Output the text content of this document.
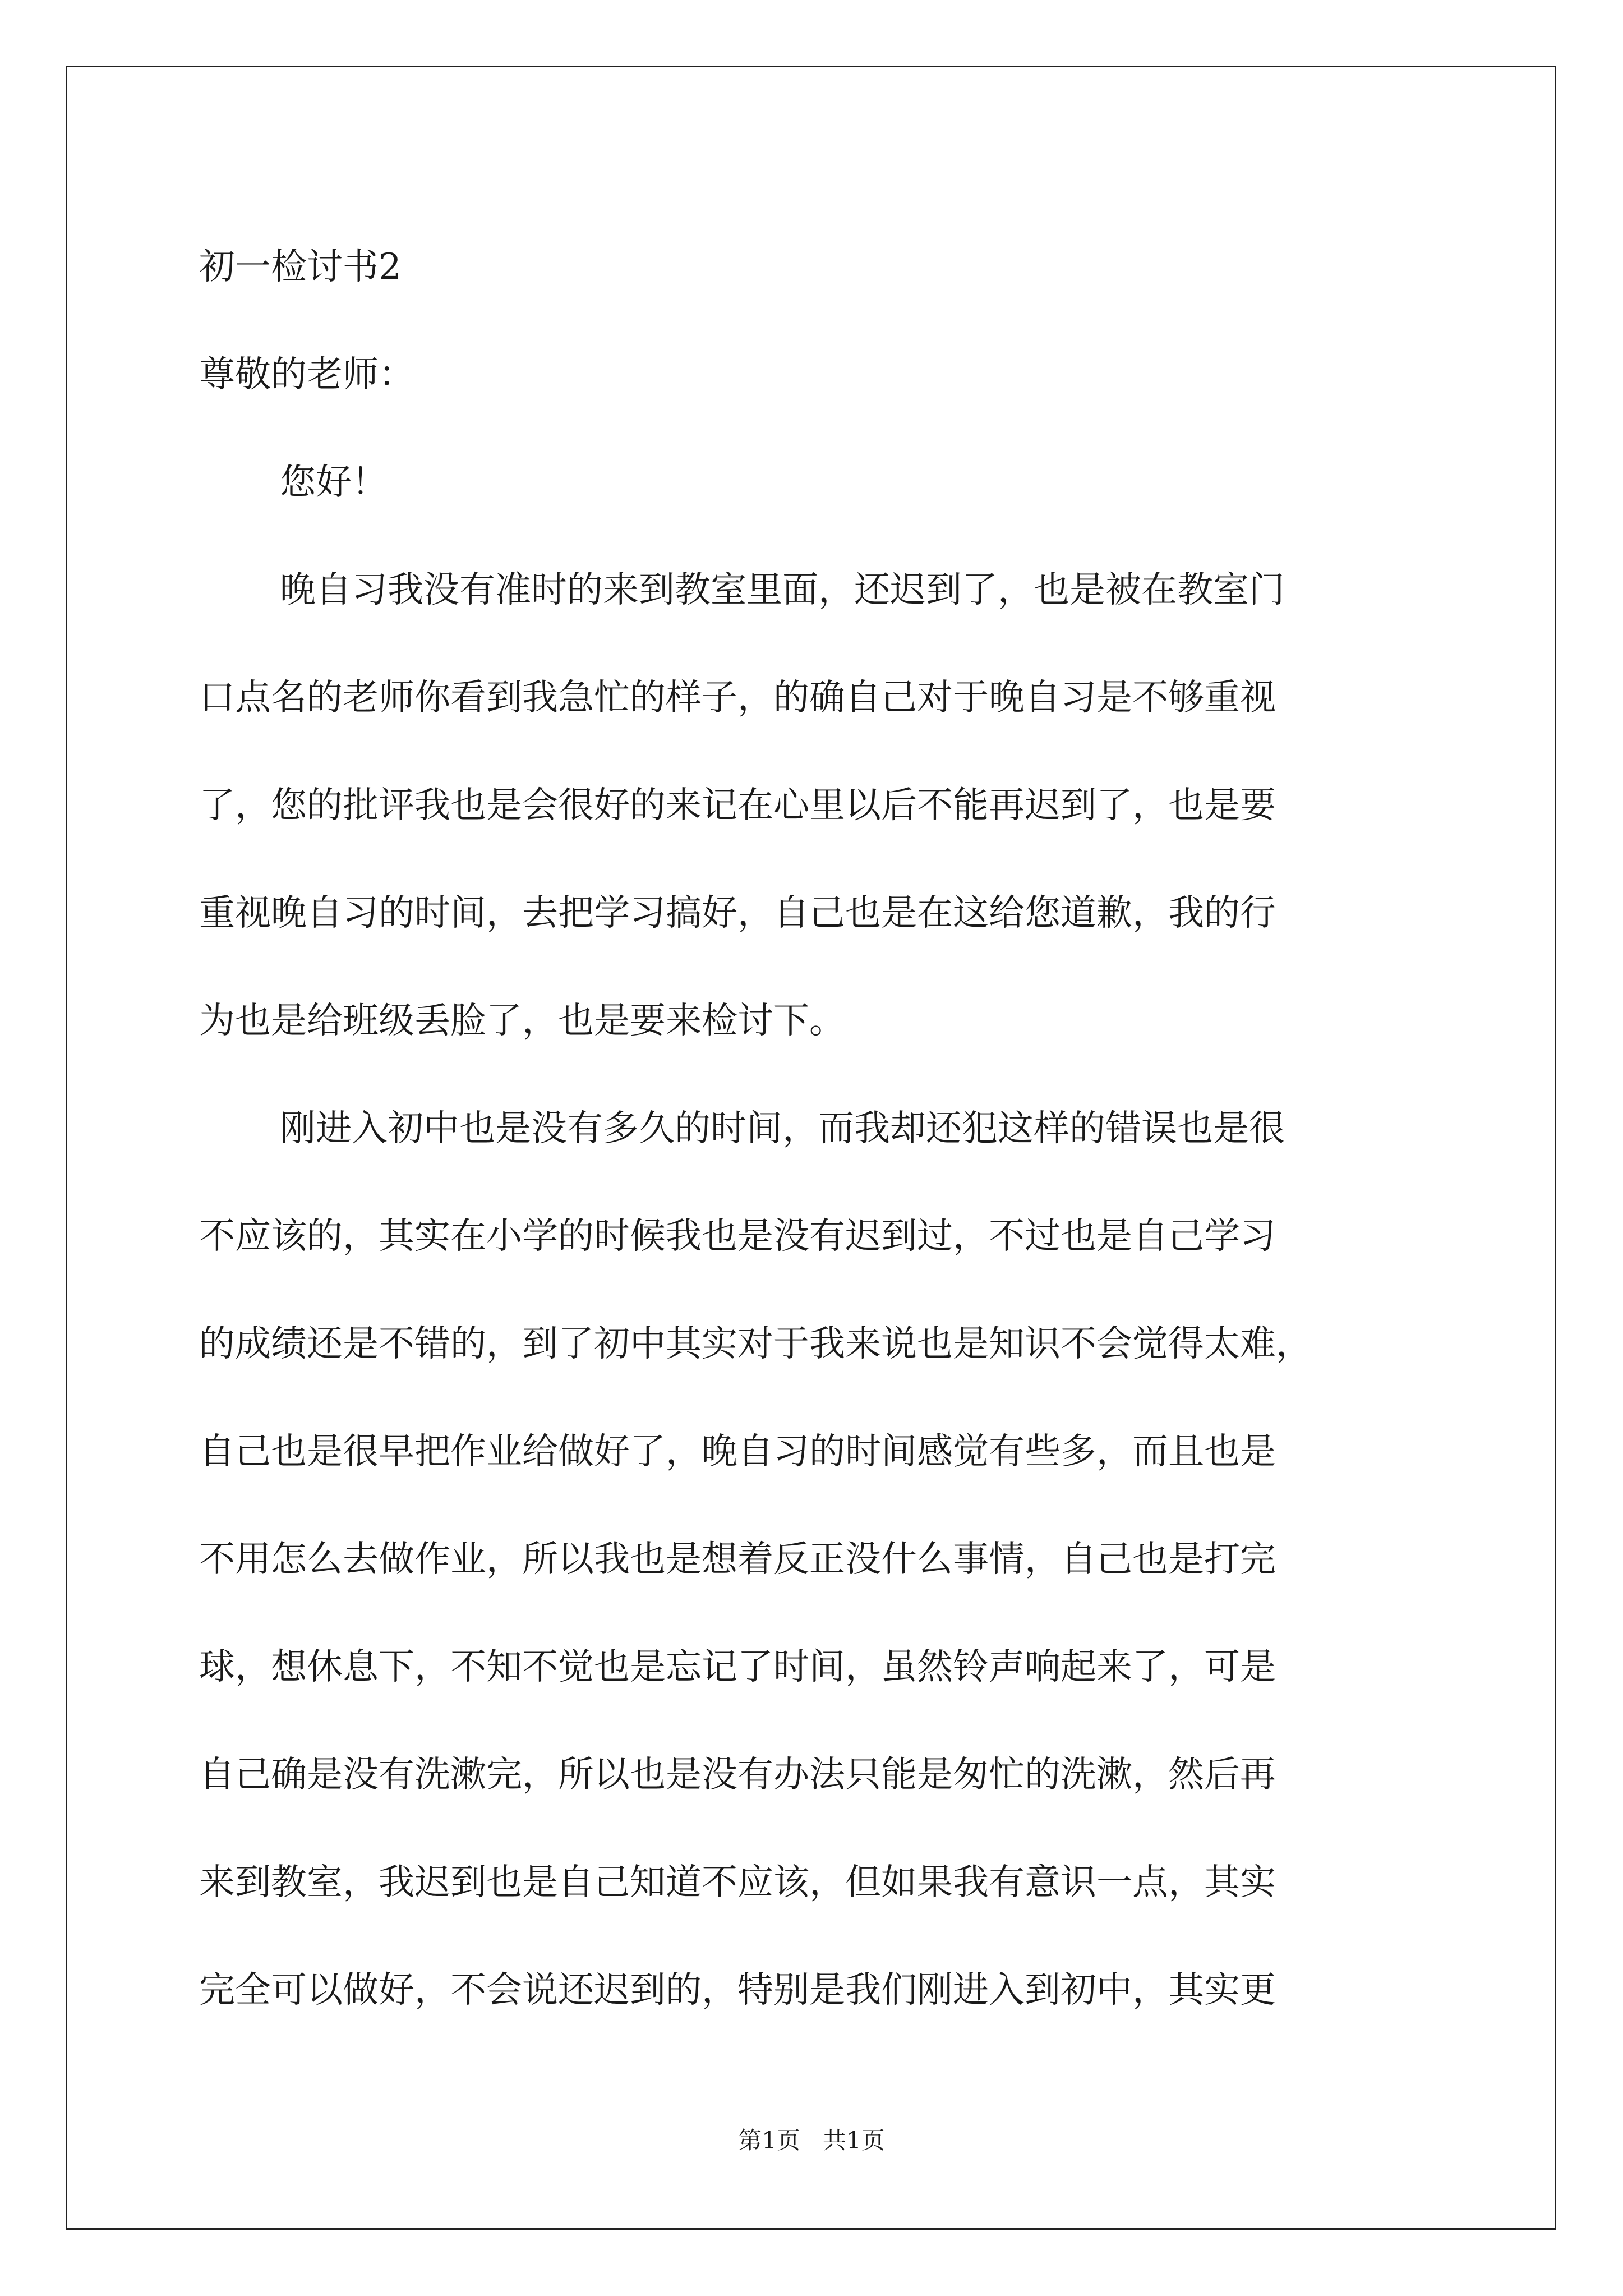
初一检讨书2

尊敬的老师：

您好！

晚自习我没有准时的来到教室里面，还迟到了，也是被在教室门
口点名的老师你看到我急忙的样子，的确自己对于晚自习是不够重视
了，您的批评我也是会很好的来记在心里以后不能再迟到了，也是要
重视晚自习的时间，去把学习搞好，自己也是在这给您道歉，我的行
为也是给班级丢脸了，也是要来检讨下。

刚进入初中也是没有多久的时间，而我却还犯这样的错误也是很
不应该的，其实在小学的时候我也是没有迟到过，不过也是自己学习
的成绩还是不错的，到了初中其实对于我来说也是知识不会觉得太难，
自己也是很早把作业给做好了，晚自习的时间感觉有些多，而且也是
不用怎么去做作业，所以我也是想着反正没什么事情，自己也是打完
球，想休息下，不知不觉也是忘记了时间，虽然铃声响起来了，可是
自己确是没有洗漱完，所以也是没有办法只能是匆忙的洗漱，然后再
来到教室，我迟到也是自己知道不应该，但如果我有意识一点，其实
完全可以做好，不会说还迟到的，特别是我们刚进入到初中，其实更

第1页   共1页
